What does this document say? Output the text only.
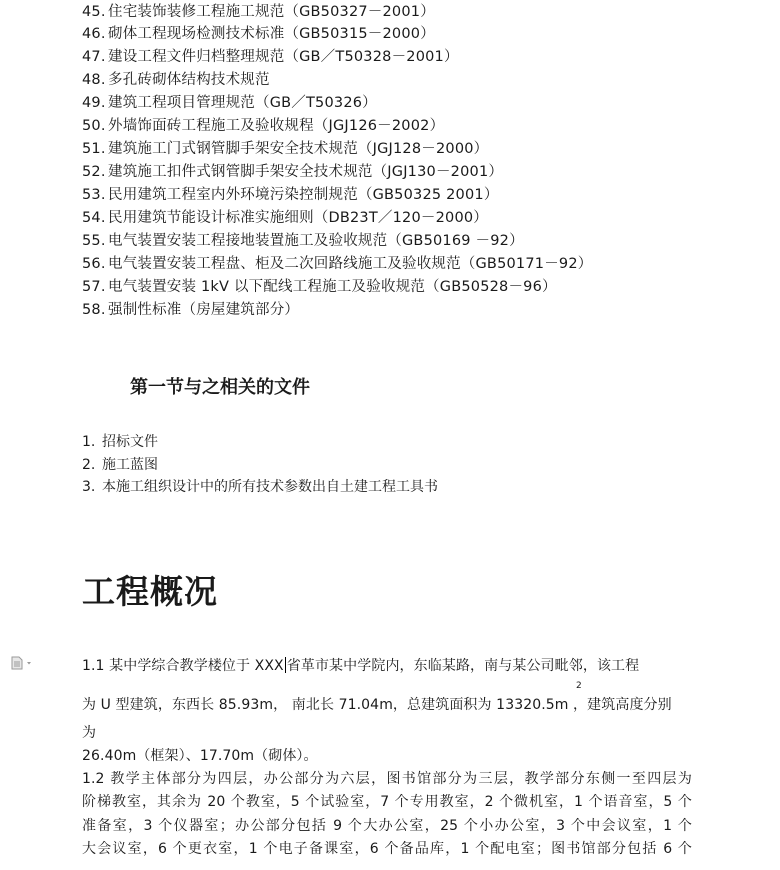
45. 住宅装饰装修工程施工规范（GB50327－2001）
46. 砌体工程现场检测技术标准（GB50315－2000）
47. 建设工程文件归档整理规范（GB／T50328－2001）
48. 多孔砖砌体结构技术规范
49. 建筑工程项目管理规范（GB／T50326）
50. 外墙饰面砖工程施工及验收规程（JGJ126－2002）
51. 建筑施工门式钢管脚手架安全技术规范（JGJ128－2000）
52. 建筑施工扣件式钢管脚手架安全技术规范（JGJ130－2001）
53. 民用建筑工程室内外环境污染控制规范（GB50325 2001）
54. 民用建筑节能设计标准实施细则（DB23T／120－2000）
55. 电气装置安装工程接地装置施工及验收规范（GB50169 －92）
56. 电气装置安装工程盘、柜及二次回路线施工及验收规范（GB50171－92）
57. 电气装置安装 1kV 以下配线工程施工及验收规范（GB50528－96）
58. 强制性标准（房屋建筑部分）
第一节与之相关的文件
1. 招标文件
2. 施工蓝图
3. 本施工组织设计中的所有技术参数出自土建工程工具书
工程概况
1.1 某中学综合教学楼位于 XXX 省革市某中学院内，东临某路，南与某公司毗邻，该工程
2
为 U 型建筑，东西长 85.93m， 南北长 71.04m，总建筑面积为 13320.5m ，建筑高度分别
为
26.40m（框架）、17.70m（砌体）。
1.2 教学主体部分为四层，办公部分为六层，图书馆部分为三层，教学部分东侧一至四层为
阶梯教室，其余为 20 个教室，5 个试验室，7 个专用教室，2 个微机室，1 个语音室，5 个
准备室，3 个仪器室；办公部分包括 9 个大办公室，25 个小办公室，3 个中会议室，1 个
大会议室，6 个更衣室，1 个电子备课室，6 个备品库，1 个配电室；图书馆部分包括 6 个
